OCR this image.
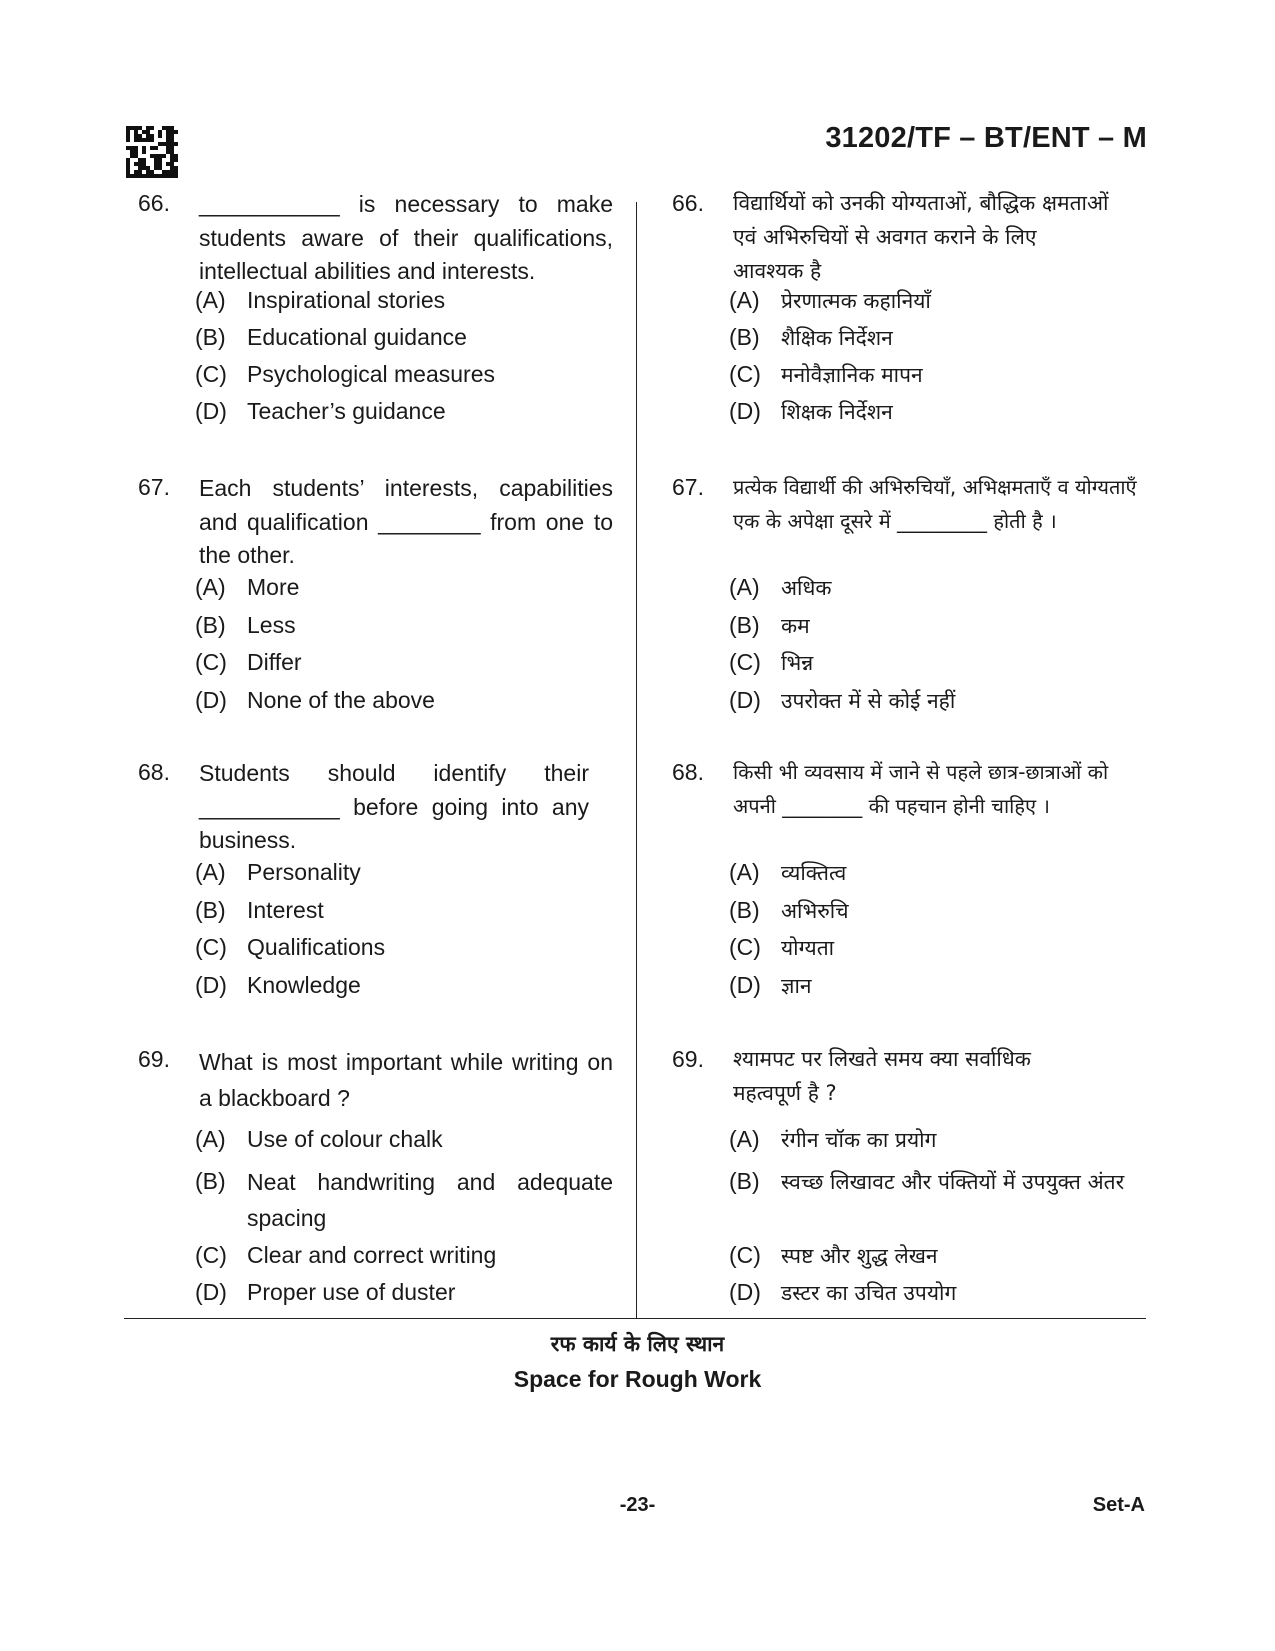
31202/TF – BT/ENT – M
66. ___________ is necessary to make students aware of their qualifications, intellectual abilities and interests.
(A) Inspirational stories
(B) Educational guidance
(C) Psychological measures
(D) Teacher’s guidance
67. Each students’ interests, capabilities and qualification ________ from one to the other.
(A) More
(B) Less
(C) Differ
(D) None of the above
68. Students should identify their ___________ before going into any business.
(A) Personality
(B) Interest
(C) Qualifications
(D) Knowledge
69. What is most important while writing on a blackboard ?
(A) Use of colour chalk
(B) Neat handwriting and adequate spacing
(C) Clear and correct writing
(D) Proper use of duster
66. विद्यार्थियों को उनकी योग्यताओं, बौद्धिक क्षमताओं एवं अभिरुचियों से अवगत कराने के लिए आवश्यक है
(A) प्रेरणात्मक कहानियाँ
(B) शैक्षिक निर्देशन
(C) मनोवैज्ञानिक मापन
(D) शिक्षक निर्देशन
67. प्रत्येक विद्यार्थी की अभिरुचियाँ, अभिक्षमताएँ व योग्यताएँ एक के अपेक्षा दूसरे में _________ होती है ।
(A) अधिक
(B) कम
(C) भिन्न
(D) उपरोक्त में से कोई नहीं
68. किसी भी व्यवसाय में जाने से पहले छात्र-छात्राओं को अपनी ________ की पहचान होनी चाहिए ।
(A) व्यक्तित्व
(B) अभिरुचि
(C) योग्यता
(D) ज्ञान
69. श्यामपट पर लिखते समय क्या सर्वाधिक महत्वपूर्ण है ?
(A) रंगीन चॉक का प्रयोग
(B)	स्वच्छ लिखावट और पंक्तियों में उपयुक्त अंतर
(C) स्पष्ट और शुद्ध लेखन
(D) डस्टर का उचित उपयोग
रफ कार्य के लिए स्थान
Space for Rough Work
-23-	Set-A
